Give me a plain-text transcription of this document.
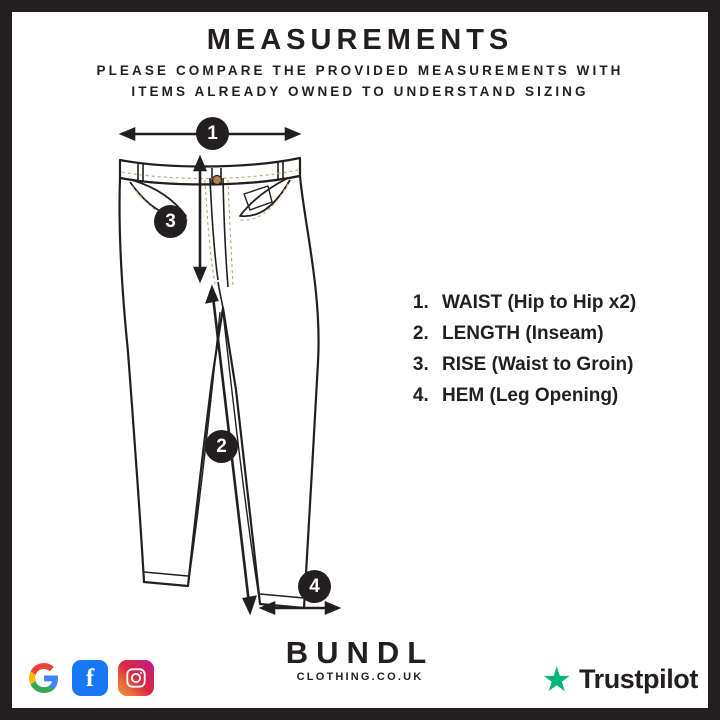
MEASUREMENTS
PLEASE COMPARE THE PROVIDED MEASUREMENTS WITH
ITEMS ALREADY OWNED TO UNDERSTAND SIZING
1
2
3
4
1. WAIST (Hip to Hip x2)
2. LENGTH (Inseam)
3. RISE (Waist to Groin)
4. HEM (Leg Opening)
BUNDL
CLOTHING.CO.UK
f	★ Trustpilot
